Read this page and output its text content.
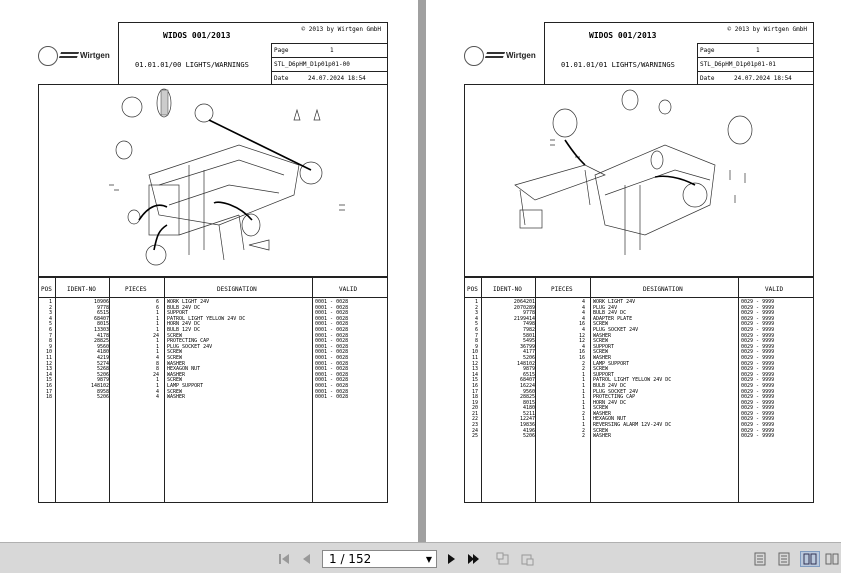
Wirtgen
WIDOS 001/2013
© 2013 by Wirtgen GmbH
01.01.01/00 LIGHTS/WARNINGS
Page	1
STL_D6pHM_D1p01p01-00
Date	24.07.2024 18:54
POS	IDENT-NO	PIECES	DESIGNATION	VALID
1	10906	6 WORK LIGHT 24V	0001 - 0028
2	9778	6 BULB 24V DC	0001 - 0028
3	6515	1 SUPPORT	0001 - 0028
4	68407	1 PATROL LIGHT YELLOW 24V DC	0001 - 0028
5	8015	1 HORN 24V DC	0001 - 0028
6	13303	1 BULB 12V DC	0001 - 0028
7	4178	24 SCREW	0001 - 0028
8	28825	1 PROTECTING CAP	0001 - 0028
9	9560	1 PLUG SOCKET 24V	0001 - 0028
10	4180	1 SCREW	0001 - 0028
11	4219	4 SCREW	0001 - 0028
12	5274	8 WASHER	0001 - 0028
13	5268	8 HEXAGON NUT	0001 - 0028
14	5206	24 WASHER	0001 - 0028
15	9879	1 SCREW	0001 - 0028
16	148102	1 LAMP SUPPORT	0001 - 0028
17	8958	4 SCREW	0001 - 0028
18	5206	4 WASHER	0001 - 0028
Wirtgen
WIDOS 001/2013
© 2013 by Wirtgen GmbH
01.01.01/01 LIGHTS/WARNINGS
Page	1
STL_D6pHM_D1p01p01-01
Date	24.07.2024 18:54
POS	IDENT-NO	PIECES	DESIGNATION	VALID
1	2064201	4 WORK LIGHT 24V	0029 - 9999
2	2070289	4 PLUG 24V	0029 - 9999
3	9778	4 BULB 24V DC	0029 - 9999
4	2199414	4 ADAPTER PLATE	0029 - 9999
5	7498	16 SCREW	0029 - 9999
6	7982	4 PLUG SOCKET 24V	0029 - 9999
7	5801	12 WASHER	0029 - 9999
8	5495	12 SCREW	0029 - 9999
9	36799	4 SUPPORT	0029 - 9999
10	4177	16 SCREW	0029 - 9999
11	5206	16 WASHER	0029 - 9999
12	148102	2 LAMP SUPPORT	0029 - 9999
13	9879	2 SCREW	0029 - 9999
14	6515	1 SUPPORT	0029 - 9999
15	68407	1 PATROL LIGHT YELLOW 24V DC	0029 - 9999
16	16224	1 BULB 24V DC	0029 - 9999
17	9560	1 PLUG SOCKET 24V	0029 - 9999
18	28825	1 PROTECTING CAP	0029 - 9999
19	8015	1 HORN 24V DC	0029 - 9999
20	4180	1 SCREW	0029 - 9999
21	5211	2 WASHER	0029 - 9999
22	12247	1 HEXAGON NUT	0029 - 9999
23	19836	1 REVERSING ALARM 12V-24V DC	0029 - 9999
24	4196	2 SCREW	0029 - 9999
25	5206	2 WASHER	0029 - 9999
1 / 152	▼
